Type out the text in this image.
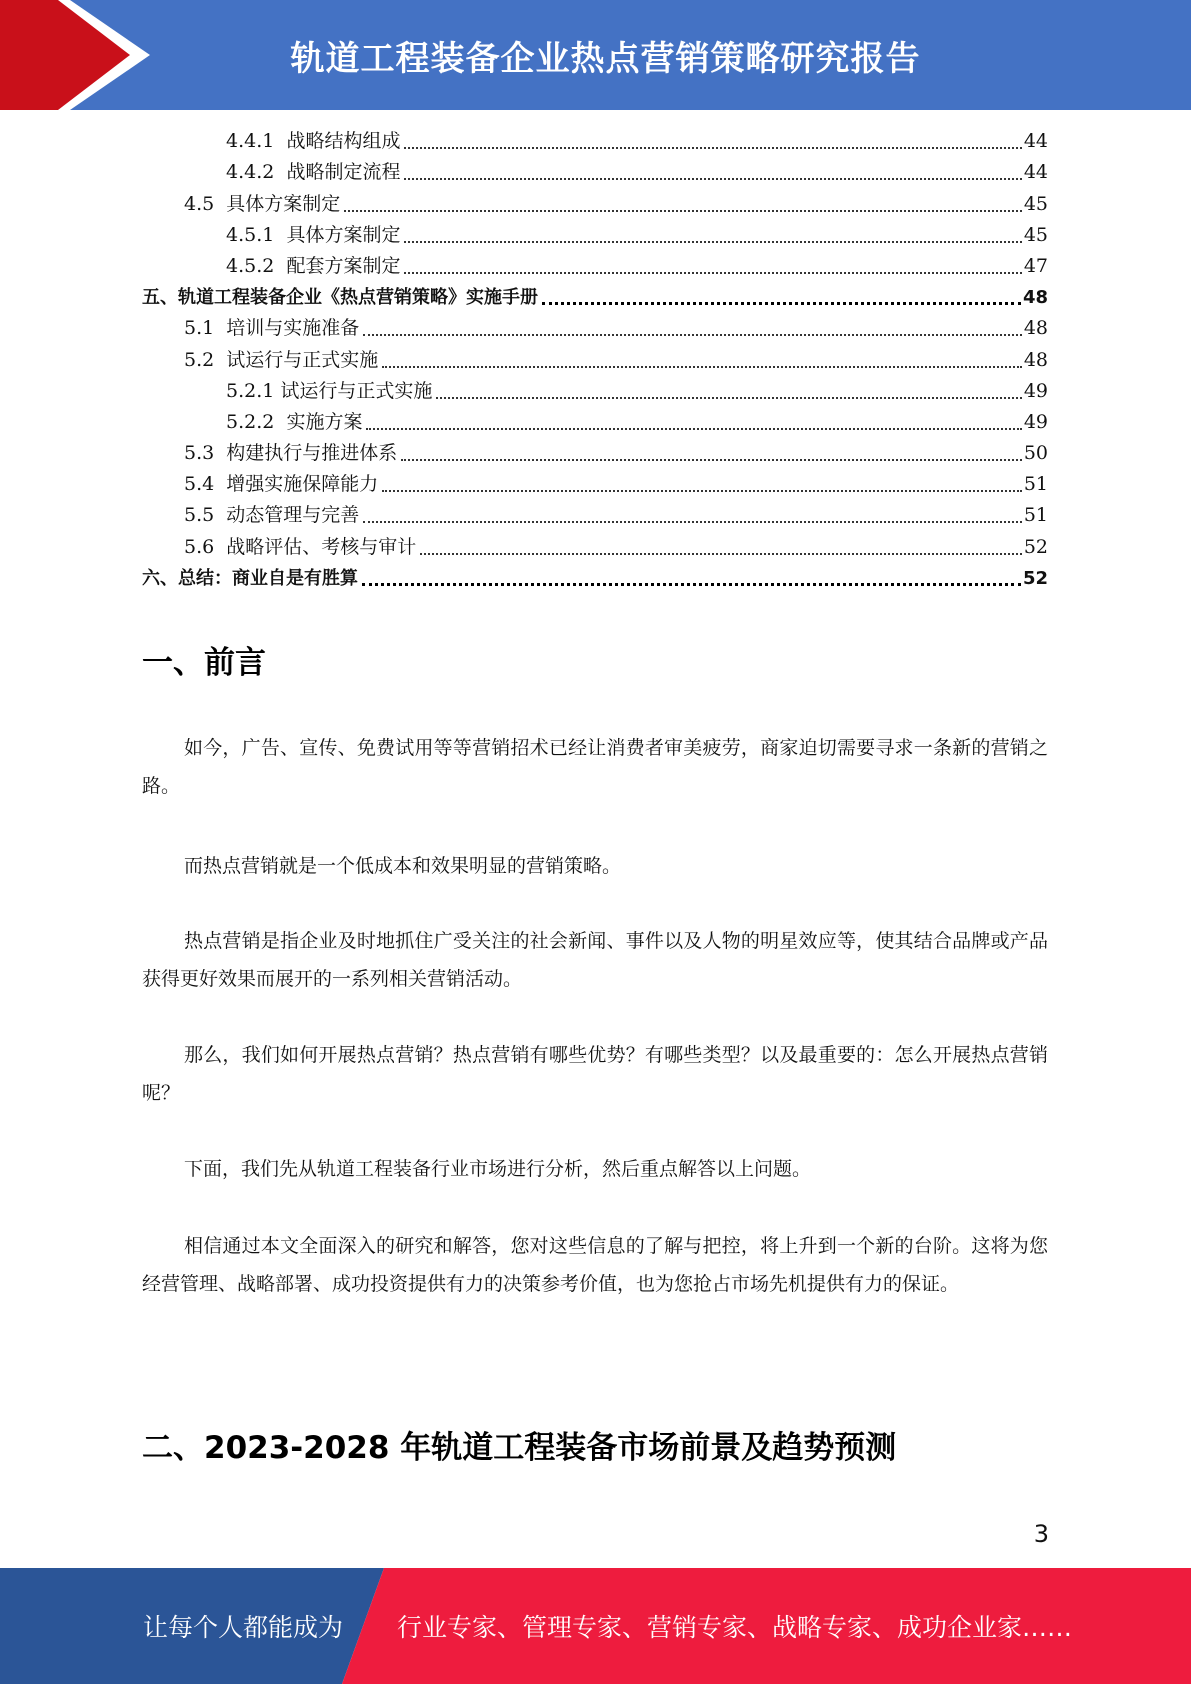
轨道工程装备企业热点营销策略研究报告
4.4.1 战略结构组成	44
4.4.2 战略制定流程	44
4.5 具体方案制定	45
4.5.1 具体方案制定	45
4.5.2 配套方案制定	47
五、轨道工程装备企业《热点营销策略》实施手册	48
5.1 培训与实施准备	48
5.2 试运行与正式实施	48
5.2.1 试运行与正式实施	49
5.2.2 实施方案	49
5.3 构建执行与推进体系	50
5.4 增强实施保障能力	51
5.5 动态管理与完善	51
5.6 战略评估、考核与审计	52
六、总结：商业自是有胜算	52
一、前言
如今，广告、宣传、免费试用等等营销招术已经让消费者审美疲劳，商家迫切需要寻求一条新的营销之路。
而热点营销就是一个低成本和效果明显的营销策略。
热点营销是指企业及时地抓住广受关注的社会新闻、事件以及人物的明星效应等，使其结合品牌或产品获得更好效果而展开的一系列相关营销活动。
那么，我们如何开展热点营销？热点营销有哪些优势？有哪些类型？以及最重要的：怎么开展热点营销呢？
下面，我们先从轨道工程装备行业市场进行分析，然后重点解答以上问题。
相信通过本文全面深入的研究和解答，您对这些信息的了解与把控，将上升到一个新的台阶。这将为您经营管理、战略部署、成功投资提供有力的决策参考价值，也为您抢占市场先机提供有力的保证。
二、2023-2028 年轨道工程装备市场前景及趋势预测
3
让每个人都能成为 行业专家、管理专家、营销专家、战略专家、成功企业家……
